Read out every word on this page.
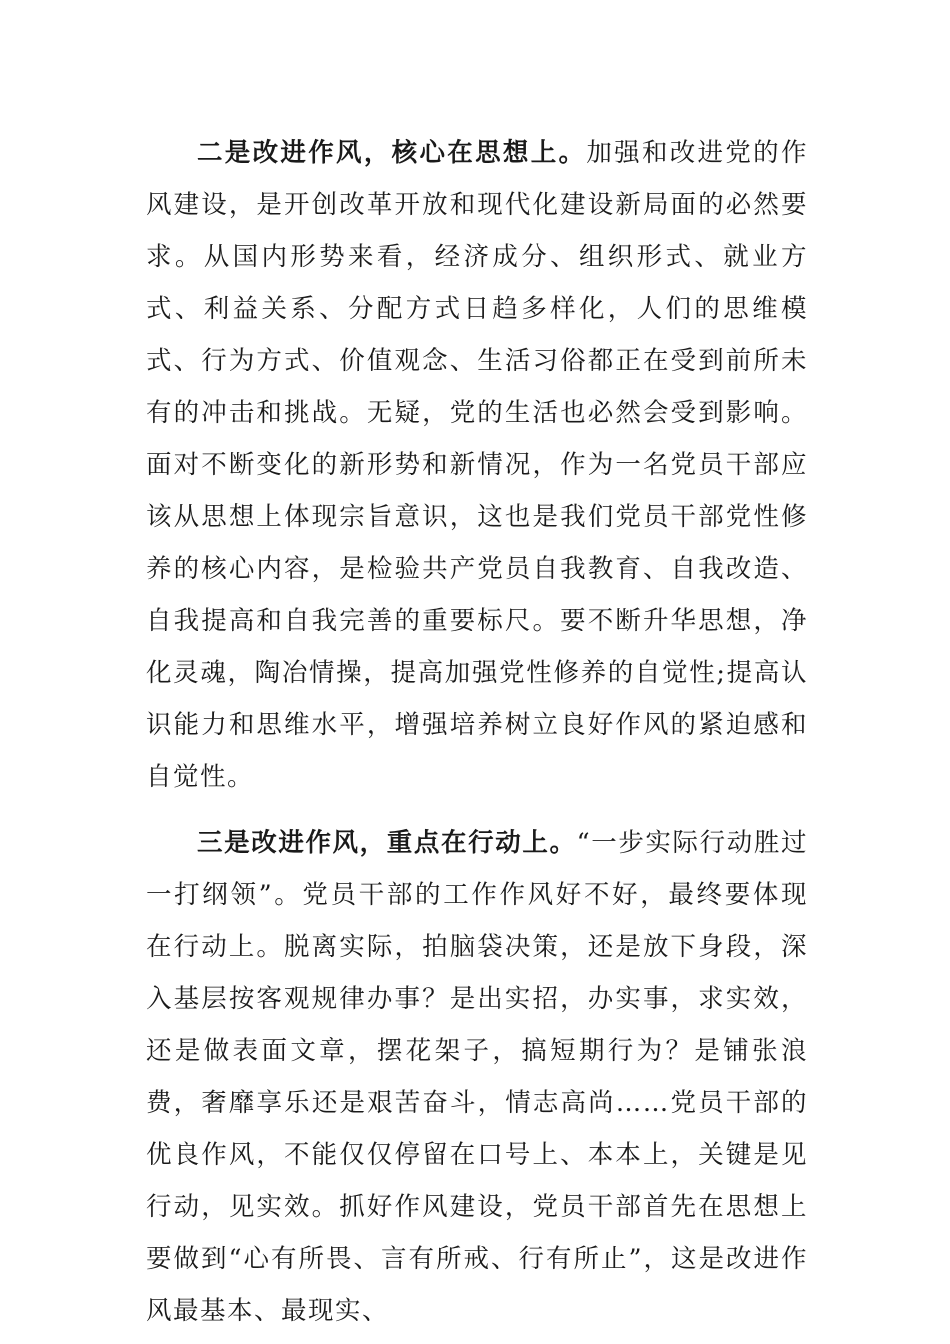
二是改进作风，核心在思想上。加强和改进党的作风建设，是开创改革开放和现代化建设新局面的必然要求。从国内形势来看，经济成分、组织形式、就业方式、利益关系、分配方式日趋多样化，人们的思维模式、行为方式、价值观念、生活习俗都正在受到前所未有的冲击和挑战。无疑，党的生活也必然会受到影响。面对不断变化的新形势和新情况，作为一名党员干部应该从思想上体现宗旨意识，这也是我们党员干部党性修养的核心内容，是检验共产党员自我教育、自我改造、自我提高和自我完善的重要标尺。要不断升华思想，净化灵魂，陶冶情操，提高加强党性修养的自觉性;提高认识能力和思维水平，增强培养树立良好作风的紧迫感和自觉性。

三是改进作风，重点在行动上。“一步实际行动胜过一打纲领”。党员干部的工作作风好不好，最终要体现在行动上。脱离实际，拍脑袋决策，还是放下身段，深入基层按客观规律办事？是出实招，办实事，求实效，还是做表面文章，摆花架子，搞短期行为？是铺张浪费，奢靡享乐还是艰苦奋斗，情志高尚……党员干部的优良作风，不能仅仅停留在口号上、本本上，关键是见行动，见实效。抓好作风建设，党员干部首先在思想上要做到“心有所畏、言有所戒、行有所止”，这是改进作风最基本、最现实、
